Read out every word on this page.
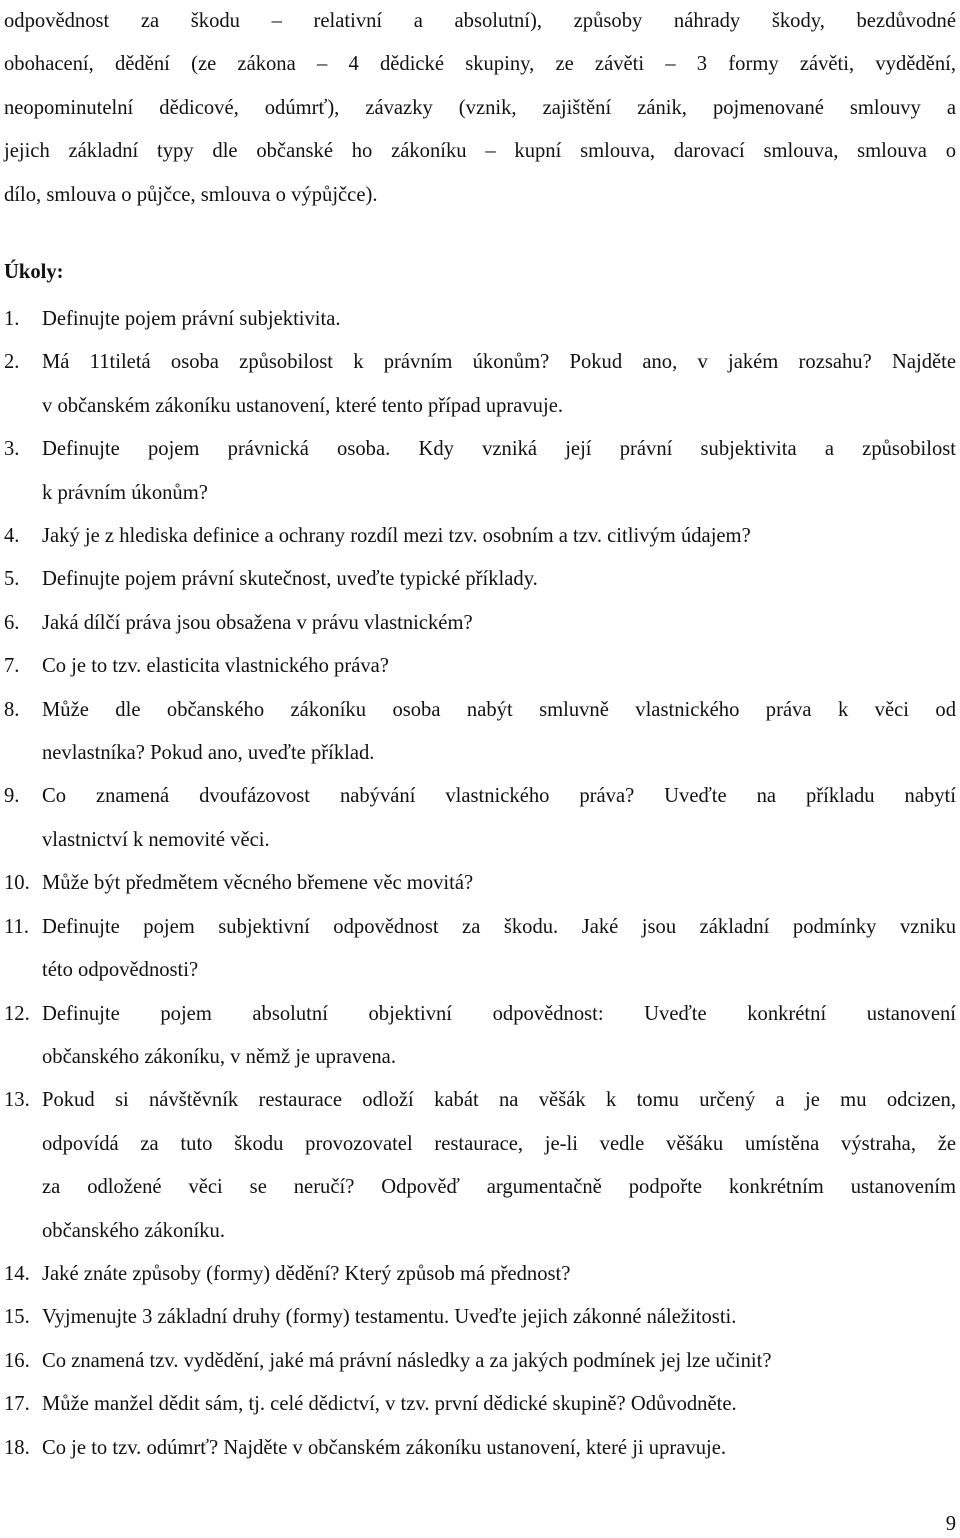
odpovědnost za škodu – relativní a absolutní), způsoby náhrady škody, bezdůvodné

obohacení, dědění (ze zákona – 4 dědické skupiny, ze závěti – 3 formy závěti, vydědění,

neopominutelní dědicové, odúmrť), závazky (vznik, zajištění zánik, pojmenované smlouvy a

jejich základní typy dle občanské ho zákoníku – kupní smlouva, darovací smlouva, smlouva o

dílo, smlouva o půjčce, smlouva o výpůjčce).

Úkoly:
1. Definujte pojem právní subjektivita.
2. Má 11tiletá osoba způsobilost k právním úkonům? Pokud ano, v jakém rozsahu? Najděte
v občanském zákoníku ustanovení, které tento případ upravuje.
3. Definujte pojem právnická osoba. Kdy vzniká její právní subjektivita a způsobilost
k právním úkonům?
4. Jaký je z hlediska definice a ochrany rozdíl mezi tzv. osobním a tzv. citlivým údajem?
5. Definujte pojem právní skutečnost, uveďte typické příklady.
6. Jaká dílčí práva jsou obsažena v právu vlastnickém?
7. Co je to tzv. elasticita vlastnického práva?
8. Může dle občanského zákoníku osoba nabýt smluvně vlastnického práva k věci od
nevlastníka? Pokud ano, uveďte příklad.
9. Co znamená dvoufázovost nabývání vlastnického práva? Uveďte na příkladu nabytí
vlastnictví k nemovité věci.
10. Může být předmětem věcného břemene věc movitá?
11. Definujte pojem subjektivní odpovědnost za škodu. Jaké jsou základní podmínky vzniku
této odpovědnosti?
12. Definujte pojem absolutní objektivní odpovědnost: Uveďte konkrétní ustanovení
občanského zákoníku, v němž je upravena.
13. Pokud si návštěvník restaurace odloží kabát na věšák k tomu určený a je mu odcizen,
odpovídá za tuto škodu provozovatel restaurace, je-li vedle věšáku umístěna výstraha, že
za odložené věci se neručí? Odpověď argumentačně podpořte konkrétním ustanovením
občanského zákoníku.
14. Jaké znáte způsoby (formy) dědění? Který způsob má přednost?
15. Vyjmenujte 3 základní druhy (formy) testamentu. Uveďte jejich zákonné náležitosti.
16. Co znamená tzv. vydědění, jaké má právní následky a za jakých podmínek jej lze učinit?
17. Může manžel dědit sám, tj. celé dědictví, v tzv. první dědické skupině? Odůvodněte.
18. Co je to tzv. odúmrť? Najděte v občanském zákoníku ustanovení, které ji upravuje.
9
